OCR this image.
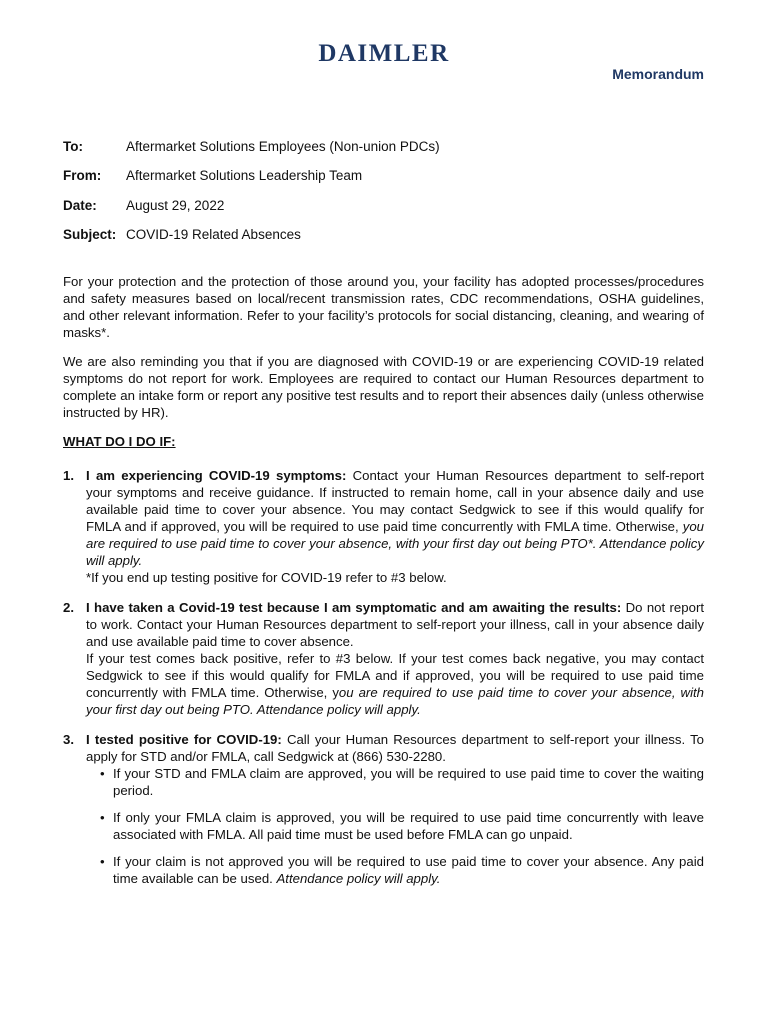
DAIMLER
Memorandum
To:	Aftermarket Solutions Employees (Non-union PDCs)
From: Aftermarket Solutions Leadership Team
Date: August 29, 2022
Subject: COVID-19 Related Absences

For your protection and the protection of those around you, your facility has adopted processes/procedures and safety measures based on local/recent transmission rates, CDC recommendations, OSHA guidelines, and other relevant information. Refer to your facility’s protocols for social distancing, cleaning, and wearing of masks*.

We are also reminding you that if you are diagnosed with COVID-19 or are experiencing COVID-19 related symptoms do not report for work. Employees are required to contact our Human Resources department to complete an intake form or report any positive test results and to report their absences daily (unless otherwise instructed by HR).

WHAT DO I DO IF:
1. I am experiencing COVID-19 symptoms: Contact your Human Resources department to self-report your symptoms and receive guidance. If instructed to remain home, call in your absence daily and use available paid time to cover your absence. You may contact Sedgwick to see if this would qualify for FMLA and if approved, you will be required to use paid time concurrently with FMLA time. Otherwise, you are required to use paid time to cover your absence, with your first day out being PTO*. Attendance policy will apply.

*If you end up testing positive for COVID-19 refer to #3 below.

2. I have taken a Covid-19 test because I am symptomatic and am awaiting the results: Do not report to work. Contact your Human Resources department to self-report your illness, call in your absence daily and use available paid time to cover absence.

If your test comes back positive, refer to #3 below. If your test comes back negative, you may contact Sedgwick to see if this would qualify for FMLA and if approved, you will be required to use paid time concurrently with FMLA time. Otherwise, you are required to use paid time to cover your absence, with your first day out being PTO. Attendance policy will apply.

3. I tested positive for COVID-19: Call your Human Resources department to self-report your illness. To apply for STD and/or FMLA, call Sedgwick at (866) 530-2280.
• If your STD and FMLA claim are approved, you will be required to use paid time to cover the waiting period.
• If only your FMLA claim is approved, you will be required to use paid time concurrently with leave associated with FMLA. All paid time must be used before FMLA can go unpaid.
• If your claim is not approved you will be required to use paid time to cover your absence. Any paid time available can be used. Attendance policy will apply.
